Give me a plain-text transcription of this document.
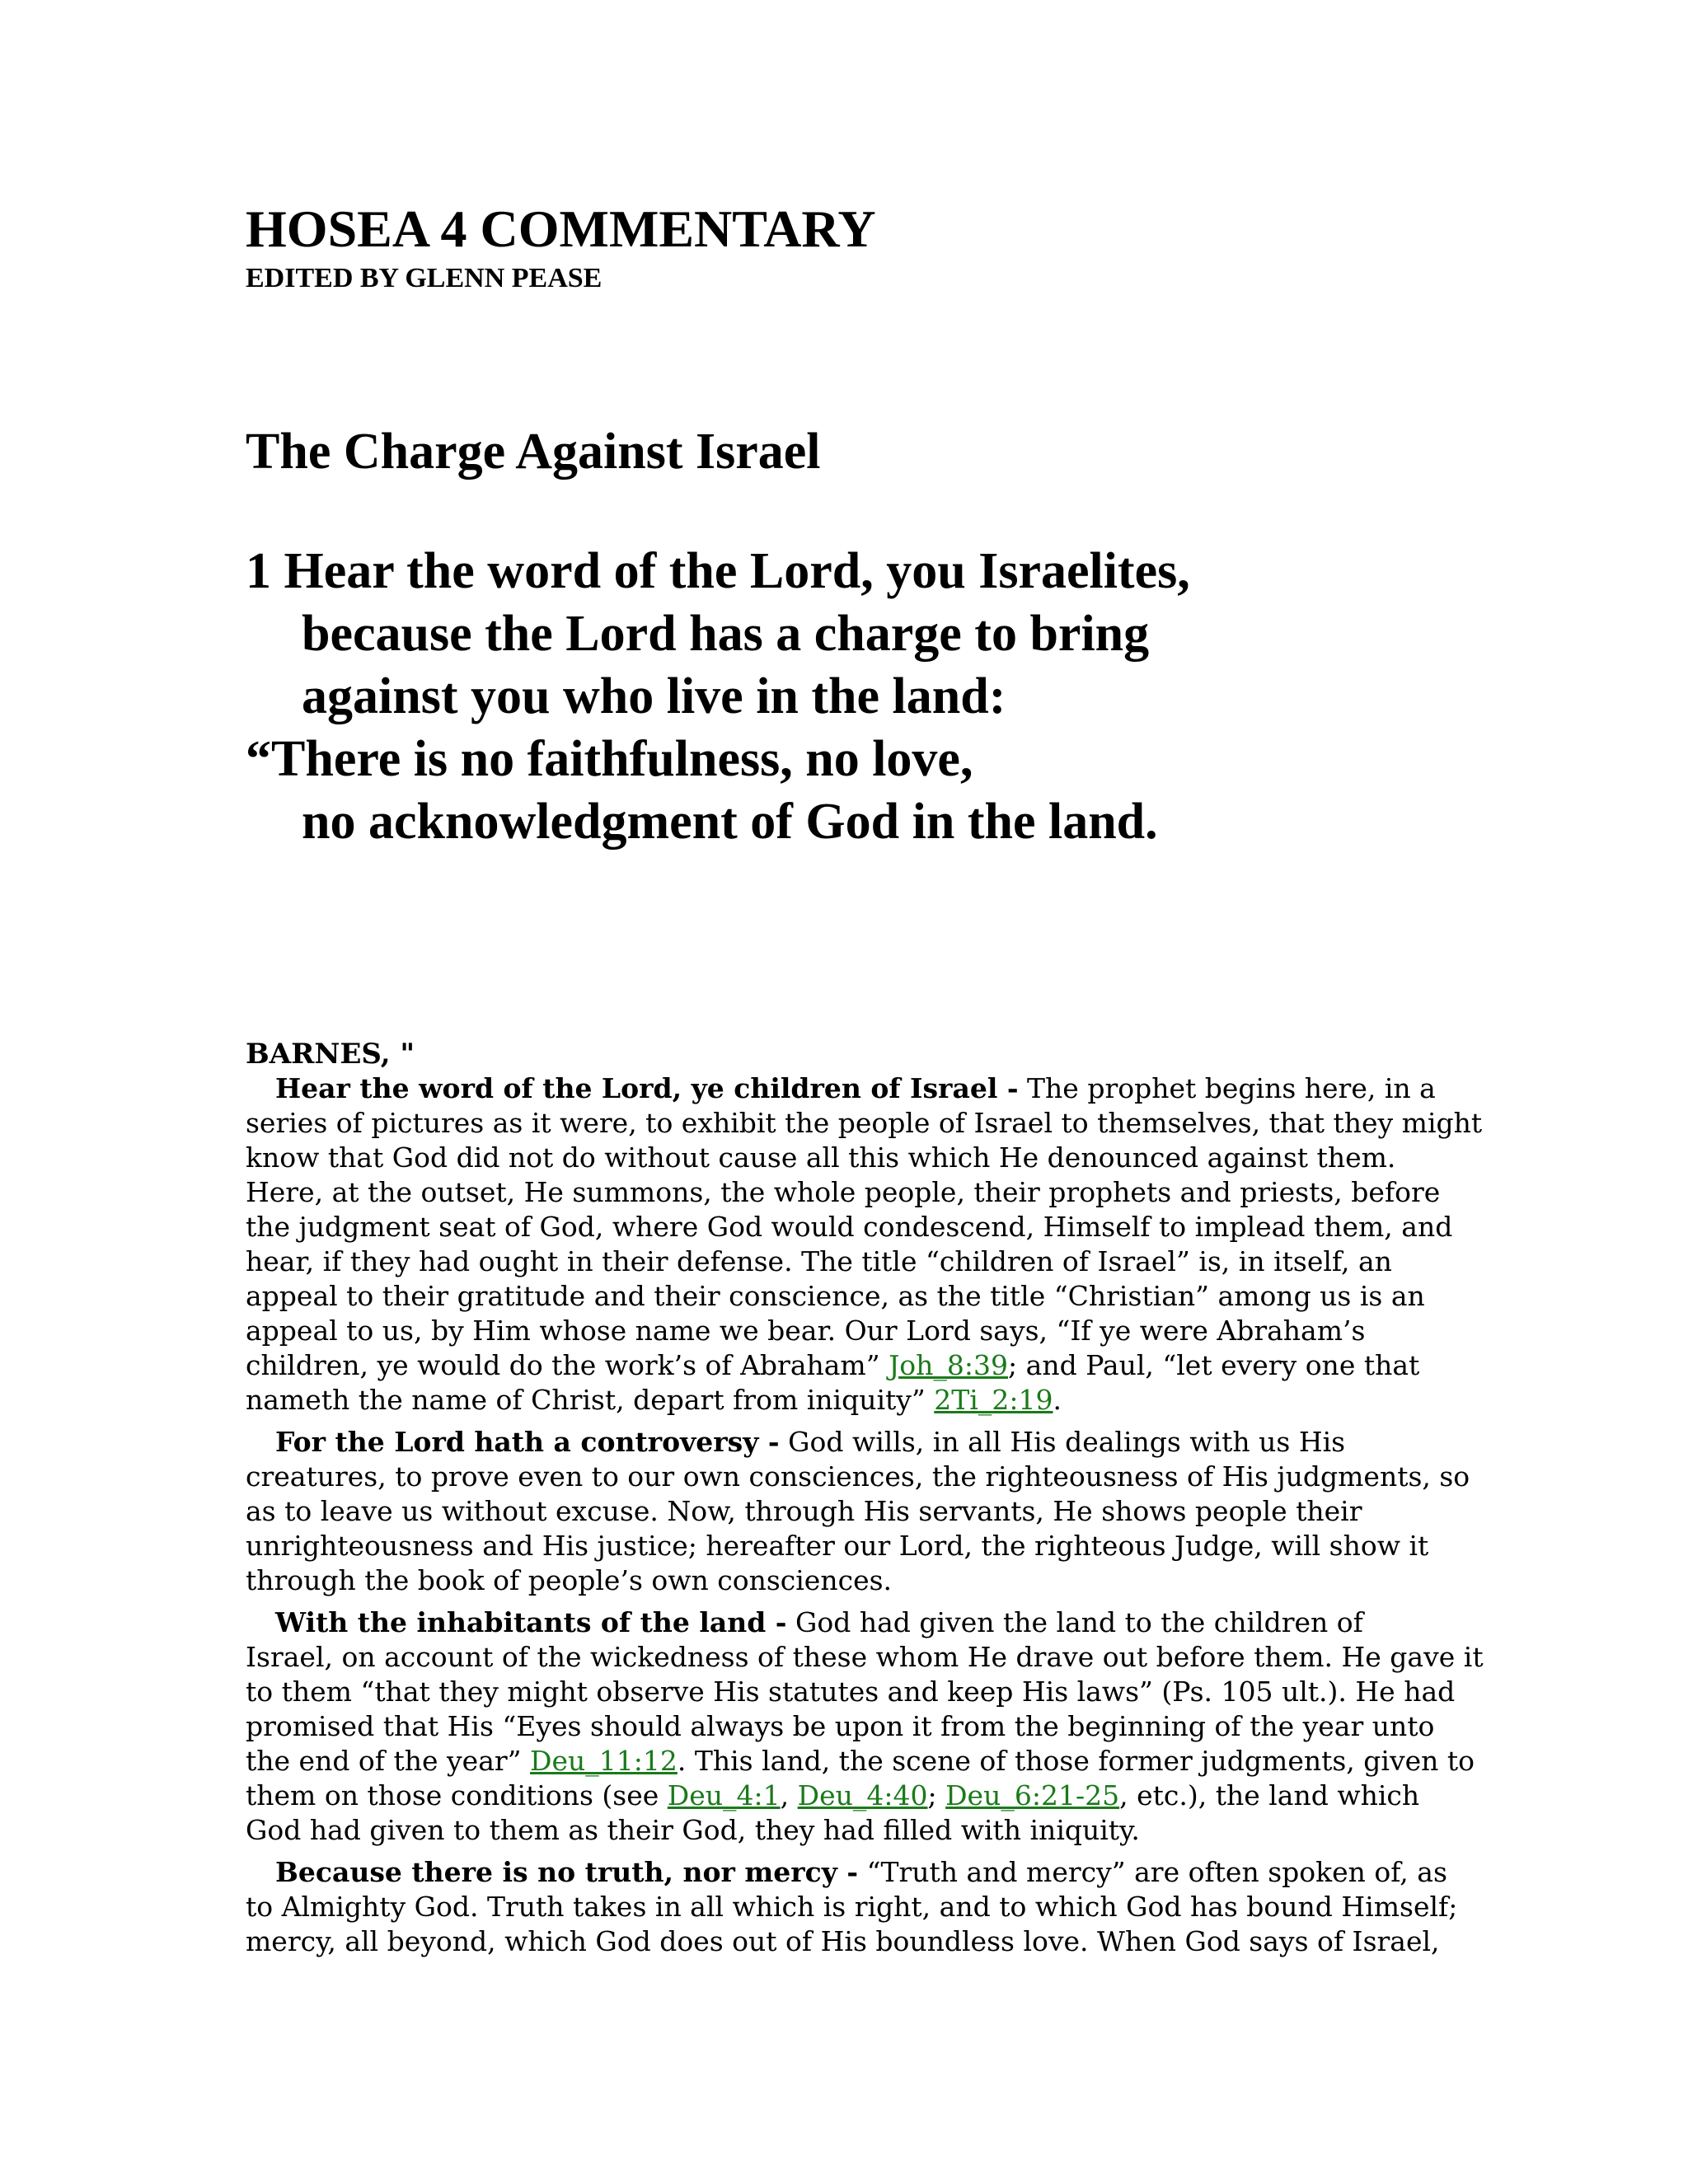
HOSEA 4 COMMENTARY
EDITED BY GLENN PEASE
The Charge Against Israel
1 Hear the word of the Lord, you Israelites,
because the Lord has a charge to bring
against you who live in the land:
“There is no faithfulness, no love,
no acknowledgment of God in the land.
BARNES, "
Hear the word of the Lord, ye children of Israel - The prophet begins here, in a
series of pictures as it were, to exhibit the people of Israel to themselves, that they might
know that God did not do without cause all this which He denounced against them.
Here, at the outset, He summons, the whole people, their prophets and priests, before
the judgment seat of God, where God would condescend, Himself to implead them, and
hear, if they had ought in their defense. The title “children of Israel” is, in itself, an
appeal to their gratitude and their conscience, as the title “Christian” among us is an
appeal to us, by Him whose name we bear. Our Lord says, “If ye were Abraham’s
children, ye would do the work’s of Abraham” Joh_8:39; and Paul, “let every one that
nameth the name of Christ, depart from iniquity” 2Ti_2:19.
For the Lord hath a controversy - God wills, in all His dealings with us His
creatures, to prove even to our own consciences, the righteousness of His judgments, so
as to leave us without excuse. Now, through His servants, He shows people their
unrighteousness and His justice; hereafter our Lord, the righteous Judge, will show it
through the book of people’s own consciences.
With the inhabitants of the land - God had given the land to the children of
Israel, on account of the wickedness of these whom He drave out before them. He gave it
to them “that they might observe His statutes and keep His laws” (Ps. 105 ult.). He had
promised that His “Eyes should always be upon it from the beginning of the year unto
the end of the year” Deu_11:12. This land, the scene of those former judgments, given to
them on those conditions (see Deu_4:1, Deu_4:40; Deu_6:21-25, etc.), the land which
God had given to them as their God, they had filled with iniquity.
Because there is no truth, nor mercy - “Truth and mercy” are often spoken of, as
to Almighty God. Truth takes in all which is right, and to which God has bound Himself;
mercy, all beyond, which God does out of His boundless love. When God says of Israel,
